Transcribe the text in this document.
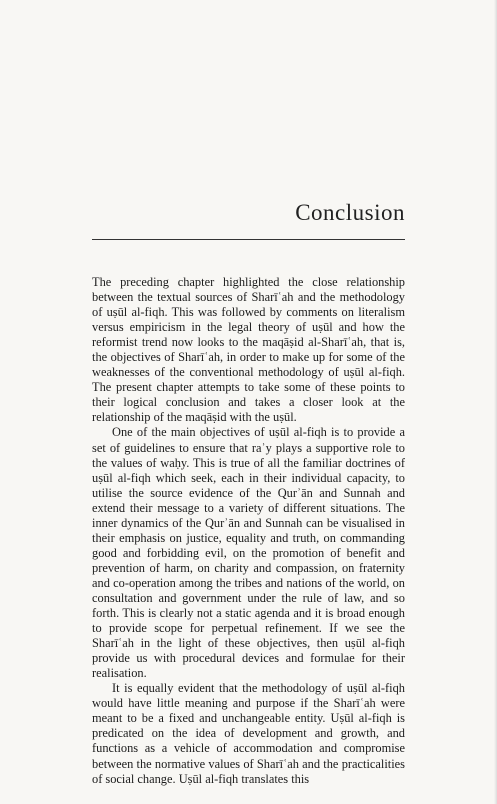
Conclusion

The preceding chapter highlighted the close relationship between the textual sources of Sharīʿah and the methodology of uṣūl al-fiqh. This was followed by comments on literalism versus empiricism in the legal theory of uṣūl and how the reformist trend now looks to the maqāṣid al-Sharīʿah, that is, the objectives of Sharīʿah, in order to make up for some of the weaknesses of the conventional methodology of uṣūl al-fiqh. The present chapter attempts to take some of these points to their logical conclusion and takes a closer look at the relationship of the maqāṣid with the uṣūl.

One of the main objectives of uṣūl al-fiqh is to provide a set of guidelines to ensure that raʾy plays a supportive role to the values of waḥy. This is true of all the familiar doctrines of uṣūl al-fiqh which seek, each in their individual capacity, to utilise the source evidence of the Qurʾān and Sunnah and extend their message to a variety of different situations. The inner dynamics of the Qurʾān and Sunnah can be visualised in their emphasis on justice, equality and truth, on commanding good and forbidding evil, on the promotion of benefit and prevention of harm, on charity and compassion, on fraternity and co-operation among the tribes and nations of the world, on consultation and government under the rule of law, and so forth. This is clearly not a static agenda and it is broad enough to provide scope for perpetual refinement. If we see the Sharīʿah in the light of these objectives, then uṣūl al-fiqh provide us with procedural devices and formulae for their realisation.

It is equally evident that the methodology of uṣūl al-fiqh would have little meaning and purpose if the Sharīʿah were meant to be a fixed and unchangeable entity. Uṣūl al-fiqh is predicated on the idea of development and growth, and functions as a vehicle of accommodation and compromise between the normative values of Sharīʿah and the practicalities of social change. Uṣūl al-fiqh translates this
